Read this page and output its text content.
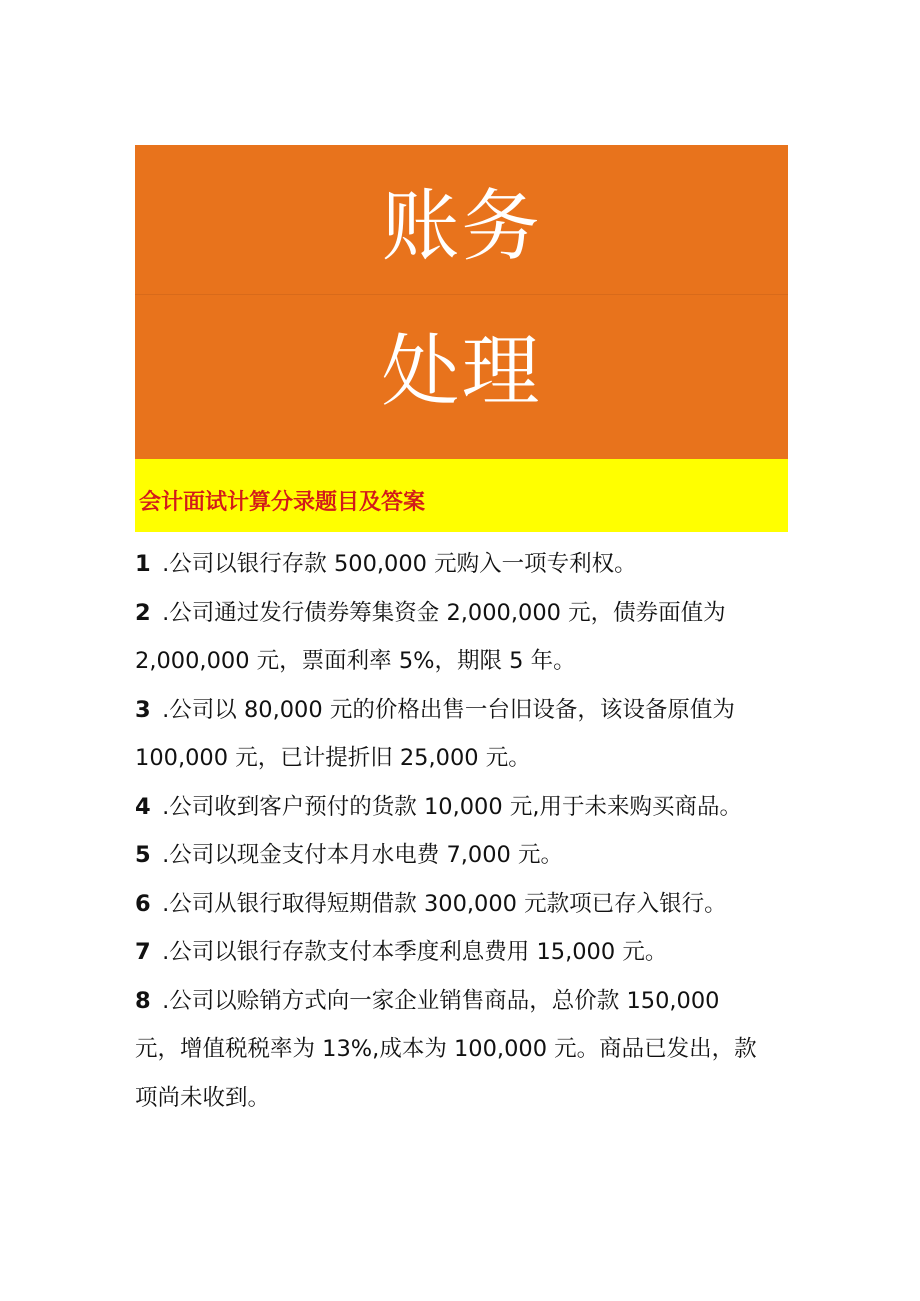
账务
处理
会计面试计算分录题目及答案
1 .公司以银行存款 500,000 元购入一项专利权。
2 .公司通过发行债券筹集资金 2,000,000 元，债券面值为
2,000,000 元，票面利率 5%，期限 5 年。
3 .公司以 80,000 元的价格出售一台旧设备，该设备原值为
100,000 元，已计提折旧 25,000 元。
4 .公司收到客户预付的货款 10,000 元,用于未来购买商品。
5 .公司以现金支付本月水电费 7,000 元。
6 .公司从银行取得短期借款 300,000 元款项已存入银行。
7 .公司以银行存款支付本季度利息费用 15,000 元。
8 .公司以赊销方式向一家企业销售商品，总价款 150,000
元，增值税税率为 13%,成本为 100,000 元。商品已发出，款
项尚未收到。
